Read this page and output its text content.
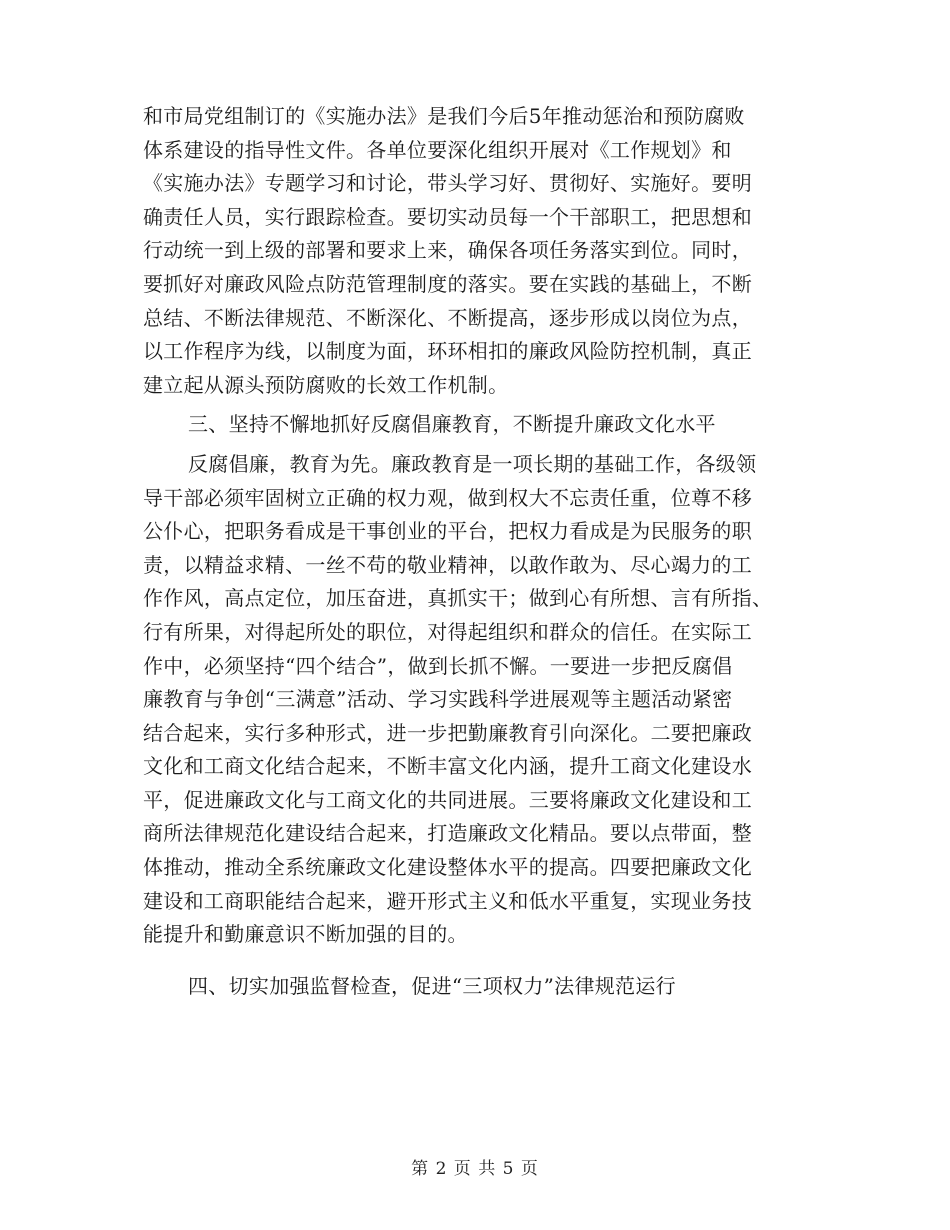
和市局党组制订的《实施办法》是我们今后5年推动惩治和预防腐败
体系建设的指导性文件。各单位要深化组织开展对《工作规划》和
《实施办法》专题学习和讨论，带头学习好、贯彻好、实施好。要明
确责任人员，实行跟踪检查。要切实动员每一个干部职工，把思想和
行动统一到上级的部署和要求上来，确保各项任务落实到位。同时，
要抓好对廉政风险点防范管理制度的落实。要在实践的基础上，不断
总结、不断法律规范、不断深化、不断提高，逐步形成以岗位为点，
以工作程序为线，以制度为面，环环相扣的廉政风险防控机制，真正
建立起从源头预防腐败的长效工作机制。
三、坚持不懈地抓好反腐倡廉教育，不断提升廉政文化水平
反腐倡廉，教育为先。廉政教育是一项长期的基础工作，各级领
导干部必须牢固树立正确的权力观，做到权大不忘责任重，位尊不移
公仆心，把职务看成是干事创业的平台，把权力看成是为民服务的职
责，以精益求精、一丝不苟的敬业精神，以敢作敢为、尽心竭力的工
作作风，高点定位，加压奋进，真抓实干；做到心有所想、言有所指、
行有所果，对得起所处的职位，对得起组织和群众的信任。在实际工
作中，必须坚持“四个结合”，做到长抓不懈。一要进一步把反腐倡
廉教育与争创“三满意”活动、学习实践科学进展观等主题活动紧密
结合起来，实行多种形式，进一步把勤廉教育引向深化。二要把廉政
文化和工商文化结合起来，不断丰富文化内涵，提升工商文化建设水
平，促进廉政文化与工商文化的共同进展。三要将廉政文化建设和工
商所法律规范化建设结合起来，打造廉政文化精品。要以点带面，整
体推动，推动全系统廉政文化建设整体水平的提高。四要把廉政文化
建设和工商职能结合起来，避开形式主义和低水平重复，实现业务技
能提升和勤廉意识不断加强的目的。
四、切实加强监督检查，促进“三项权力”法律规范运行
第 2 页 共 5 页
